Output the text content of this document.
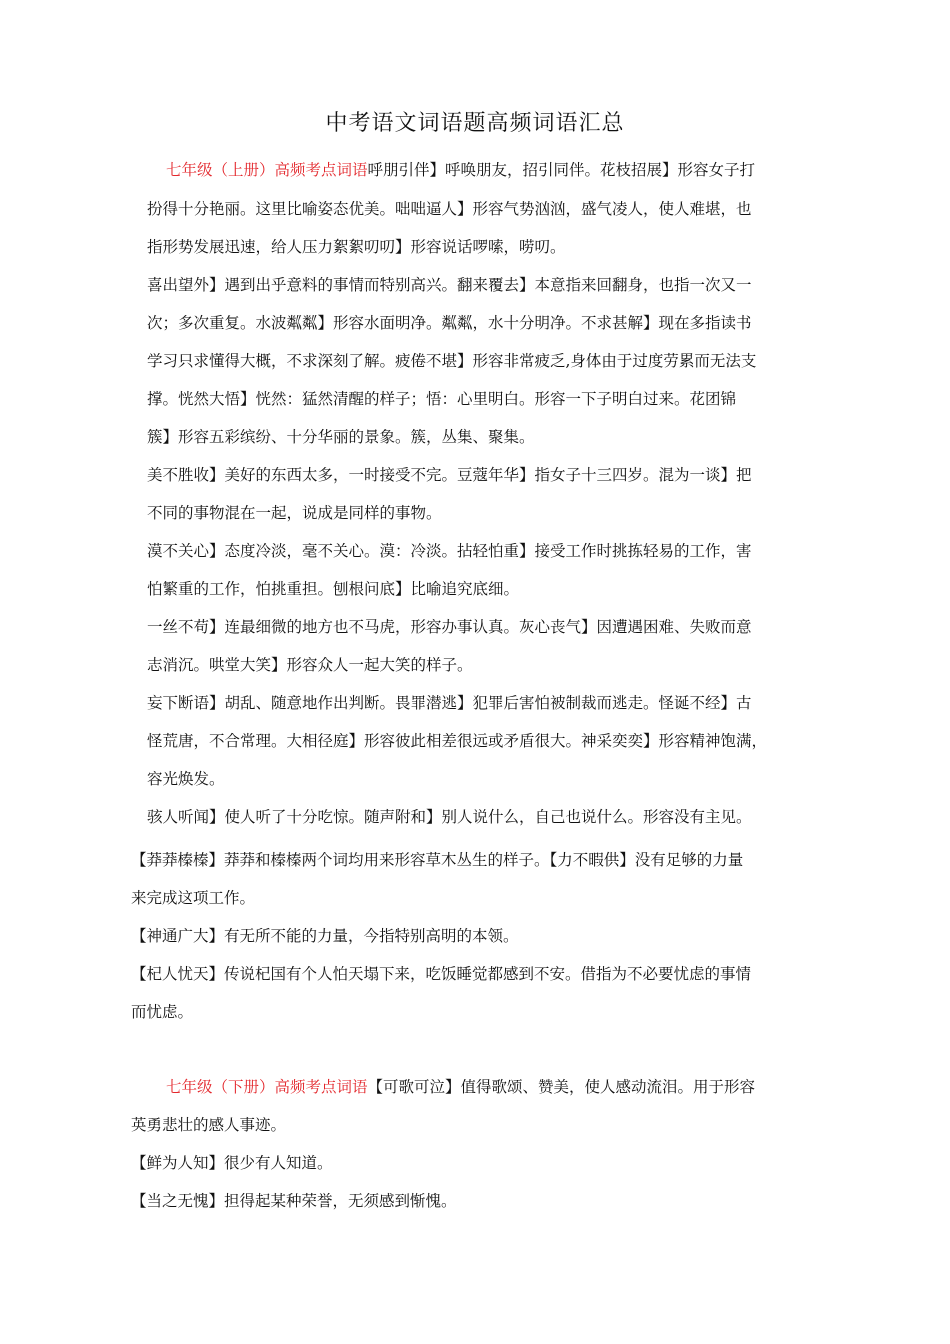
中考语文词语题高频词语汇总
七年级（上册）高频考点词语呼朋引伴】呼唤朋友，招引同伴。花枝招展】形容女子打
扮得十分艳丽。这里比喻姿态优美。咄咄逼人】形容气势汹汹，盛气凌人，使人难堪，也
指形势发展迅速，给人压力絮絮叨叨】形容说话啰嗦，唠叨。
喜出望外】遇到出乎意料的事情而特别高兴。翻来覆去】本意指来回翻身，也指一次又一
次；多次重复。水波粼粼】形容水面明净。粼粼，水十分明净。不求甚解】现在多指读书
学习只求懂得大概，不求深刻了解。疲倦不堪】形容非常疲乏,身体由于过度劳累而无法支
撑。恍然大悟】恍然：猛然清醒的样子；悟：心里明白。形容一下子明白过来。花团锦
簇】形容五彩缤纷、十分华丽的景象。簇，丛集、聚集。
美不胜收】美好的东西太多，一时接受不完。豆蔻年华】指女子十三四岁。混为一谈】把
不同的事物混在一起，说成是同样的事物。
漠不关心】态度冷淡，毫不关心。漠：冷淡。拈轻怕重】接受工作时挑拣轻易的工作，害
怕繁重的工作，怕挑重担。刨根问底】比喻追究底细。
一丝不苟】连最细微的地方也不马虎，形容办事认真。灰心丧气】因遭遇困难、失败而意
志消沉。哄堂大笑】形容众人一起大笑的样子。
妄下断语】胡乱、随意地作出判断。畏罪潜逃】犯罪后害怕被制裁而逃走。怪诞不经】古
怪荒唐，不合常理。大相径庭】形容彼此相差很远或矛盾很大。神采奕奕】形容精神饱满，
容光焕发。
骇人听闻】使人听了十分吃惊。随声附和】别人说什么，自己也说什么。形容没有主见。
【莽莽榛榛】莽莽和榛榛两个词均用来形容草木丛生的样子。【力不暇供】没有足够的力量
来完成这项工作。
【神通广大】有无所不能的力量，今指特别高明的本领。
【杞人忧天】传说杞国有个人怕天塌下来，吃饭睡觉都感到不安。借指为不必要忧虑的事情
而忧虑。
七年级（下册）高频考点词语【可歌可泣】值得歌颂、赞美，使人感动流泪。用于形容
英勇悲壮的感人事迹。
【鲜为人知】很少有人知道。
【当之无愧】担得起某种荣誉，无须感到惭愧。
